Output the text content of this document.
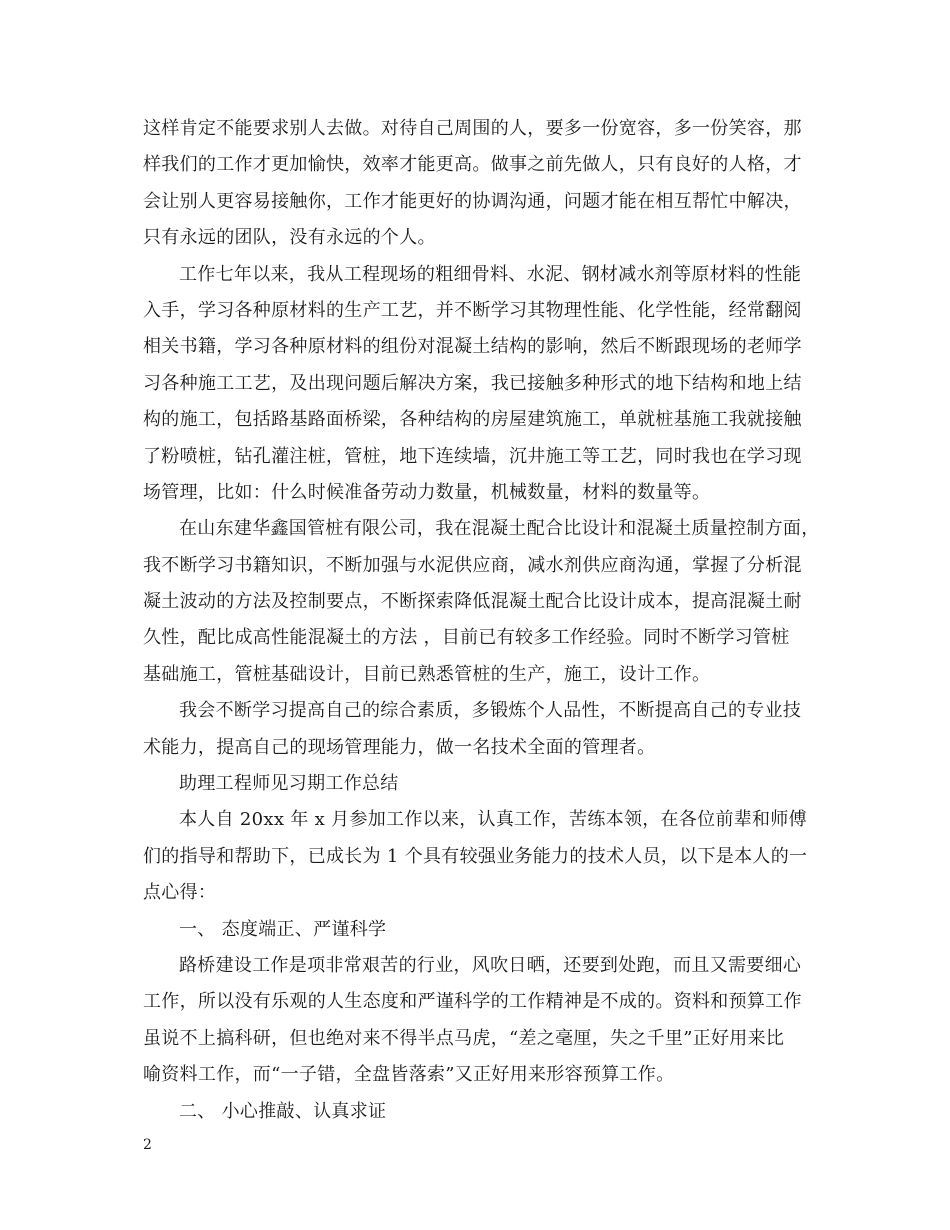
这样肯定不能要求别人去做。对待自己周围的人，要多一份宽容，多一份笑容，那
样我们的工作才更加愉快，效率才能更高。做事之前先做人，只有良好的人格，才
会让别人更容易接触你，工作才能更好的协调沟通，问题才能在相互帮忙中解决，
只有永远的团队，没有永远的个人。
工作七年以来，我从工程现场的粗细骨料、水泥、钢材减水剂等原材料的性能
入手，学习各种原材料的生产工艺，并不断学习其物理性能、化学性能，经常翻阅
相关书籍，学习各种原材料的组份对混凝土结构的影响，然后不断跟现场的老师学
习各种施工工艺，及出现问题后解决方案，我已接触多种形式的地下结构和地上结
构的施工，包括路基路面桥梁，各种结构的房屋建筑施工，单就桩基施工我就接触
了粉喷桩，钻孔灌注桩，管桩，地下连续墙，沉井施工等工艺，同时我也在学习现
场管理，比如：什么时候准备劳动力数量，机械数量，材料的数量等。
在山东建华鑫国管桩有限公司，我在混凝土配合比设计和混凝土质量控制方面，
我不断学习书籍知识，不断加强与水泥供应商，减水剂供应商沟通，掌握了分析混
凝土波动的方法及控制要点，不断探索降低混凝土配合比设计成本，提高混凝土耐
久性，配比成高性能混凝土的方法 ，目前已有较多工作经验。同时不断学习管桩
基础施工，管桩基础设计，目前已熟悉管桩的生产，施工，设计工作。
我会不断学习提高自己的综合素质，多锻炼个人品性，不断提高自己的专业技
术能力，提高自己的现场管理能力，做一名技术全面的管理者。
助理工程师见习期工作总结
本人自 20xx 年 x 月参加工作以来，认真工作，苦练本领，在各位前辈和师傅
们的指导和帮助下，已成长为 1 个具有较强业务能力的技术人员，以下是本人的一
点心得：
一、 态度端正、严谨科学
路桥建设工作是项非常艰苦的行业，风吹日晒，还要到处跑，而且又需要细心
工作，所以没有乐观的人生态度和严谨科学的工作精神是不成的。资料和预算工作
虽说不上搞科研，但也绝对来不得半点马虎，“差之毫厘，失之千里”正好用来比
喻资料工作，而“一子错，全盘皆落索”又正好用来形容预算工作。
二、 小心推敲、认真求证
2
